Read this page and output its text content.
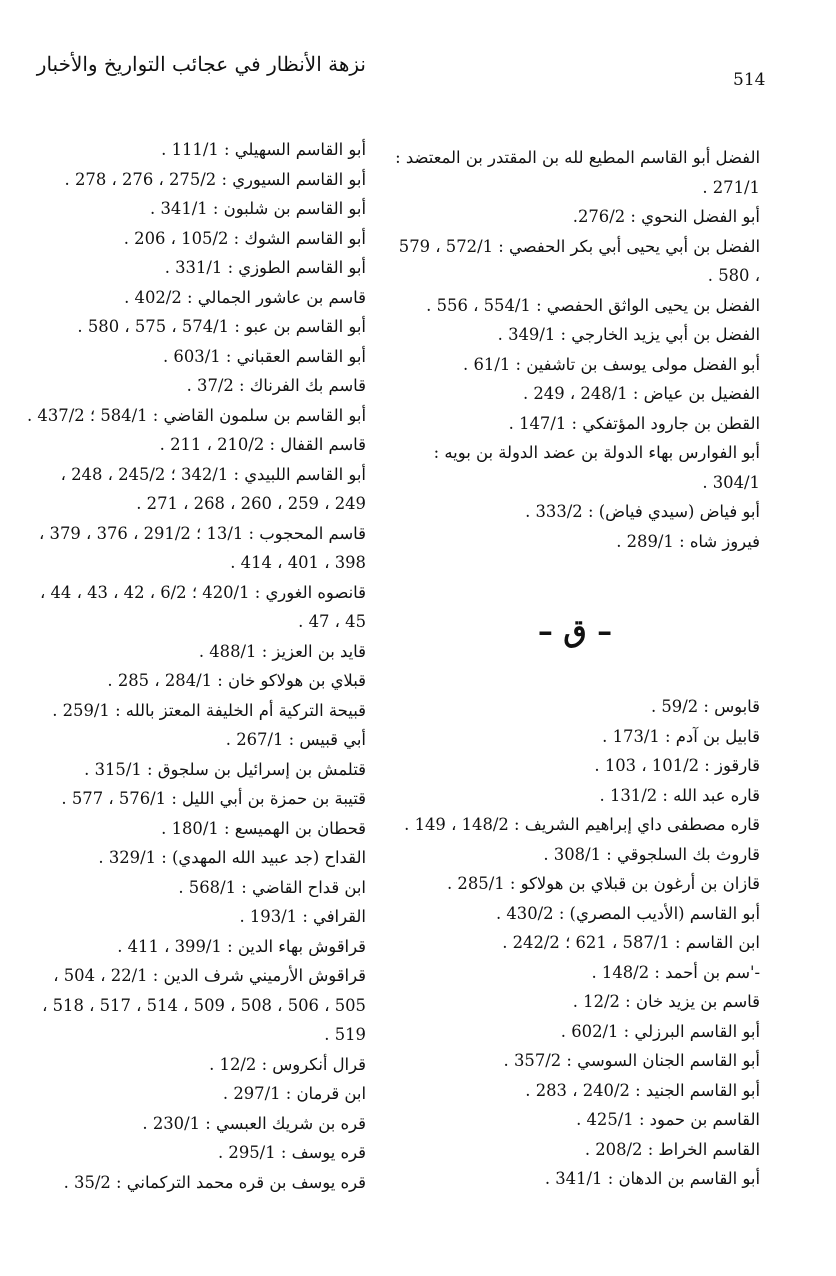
نزهة الأنظار في عجائب التواريخ والأخبار
514
الفضل أبو القاسم المطيع لله بن المقتدر بن المعتضد : 271/1 .
أبو الفضل النحوي : 276/2.
الفضل بن أبي يحيى أبي بكر الحفصي : 572/1 ، 579 ، 580 .
الفضل بن يحيى الواثق الحفصي : 554/1 ، 556 .
الفضل بن أبي يزيد الخارجي : 349/1 .
أبو الفضل مولى يوسف بن تاشفين : 61/1 .
الفضيل بن عياض : 248/1 ، 249 .
القطن بن جارود المؤتفكي : 147/1 .
أبو الفوارس بهاء الدولة بن عضد الدولة بن بويه : 304/1 .
أبو فياض (سيدي فياض) : 333/2 .
فيروز شاه : 289/1 .
– ق –
قابوس : 59/2 .
قابيل بن آدم : 173/1 .
قارقوز : 101/2 ، 103 .
قاره عبد الله : 131/2 .
قاره مصطفى داي إبراهيم الشريف : 148/2 ، 149 .
قاروث بك السلجوقي : 308/1 .
قازان بن أرغون بن قبلاي بن هولاكو : 285/1 .
أبو القاسم (الأديب المصري) : 430/2 .
ابن القاسم : 587/1 ، 621 ؛ 242/2 .
-'سم بن أحمد : 148/2 .
قاسم بن يزيد خان : 12/2 .
أبو القاسم البرزلي : 602/1 .
أبو القاسم الجنان السوسي : 357/2 .
أبو القاسم الجنيد : 240/2 ، 283 .
القاسم بن حمود : 425/1 .
القاسم الخراط : 208/2 .
أبو القاسم بن الدهان : 341/1 .
أبو القاسم السهيلي : 111/1 .
أبو القاسم السيوري : 275/2 ، 276 ، 278 .
أبو القاسم بن شلبون : 341/1 .
أبو القاسم الشوك : 105/2 ، 206 .
أبو القاسم الطوزي : 331/1 .
قاسم بن عاشور الجمالي : 402/2 .
أبو القاسم بن عبو : 574/1 ، 575 ، 580 .
أبو القاسم العقباني : 603/1 .
قاسم بك الفرناك : 37/2 .
أبو القاسم بن سلمون القاضي : 584/1 ؛ 437/2 .
قاسم القفال : 210/2 ، 211 .
أبو القاسم اللبيدي : 342/1 ؛ 245/2 ، 248 ، 249 ، 259 ، 260 ، 268 ، 271 .
قاسم المحجوب : 13/1 ؛ 291/2 ، 376 ، 379 ، 398 ، 401 ، 414 .
قانصوه الغوري : 420/1 ؛ 6/2 ، 42 ، 43 ، 44 ، 45 ، 47 .
قايد بن العزيز : 488/1 .
قبلاي بن هولاكو خان : 284/1 ، 285 .
قبيحة التركية أم الخليفة المعتز بالله : 259/1 .
أبي قبيس : 267/1 .
قتلمش بن إسرائيل بن سلجوق : 315/1 .
قتيبة بن حمزة بن أبي الليل : 576/1 ، 577 .
قحطان بن الهميسع : 180/1 .
القداح (جد عبيد الله المهدي) : 329/1 .
ابن قداح القاضي : 568/1 .
القرافي : 193/1 .
قراقوش بهاء الدين : 399/1 ، 411 .
قراقوش الأرميني شرف الدين : 22/1 ، 504 ، 505 ، 506 ، 508 ، 509 ، 514 ، 517 ، 518 ، 519 .
قرال أنكروس : 12/2 .
ابن قرمان : 297/1 .
قره بن شريك العبسي : 230/1 .
قره يوسف : 295/1 .
قره يوسف بن قره محمد التركماني : 35/2 .
